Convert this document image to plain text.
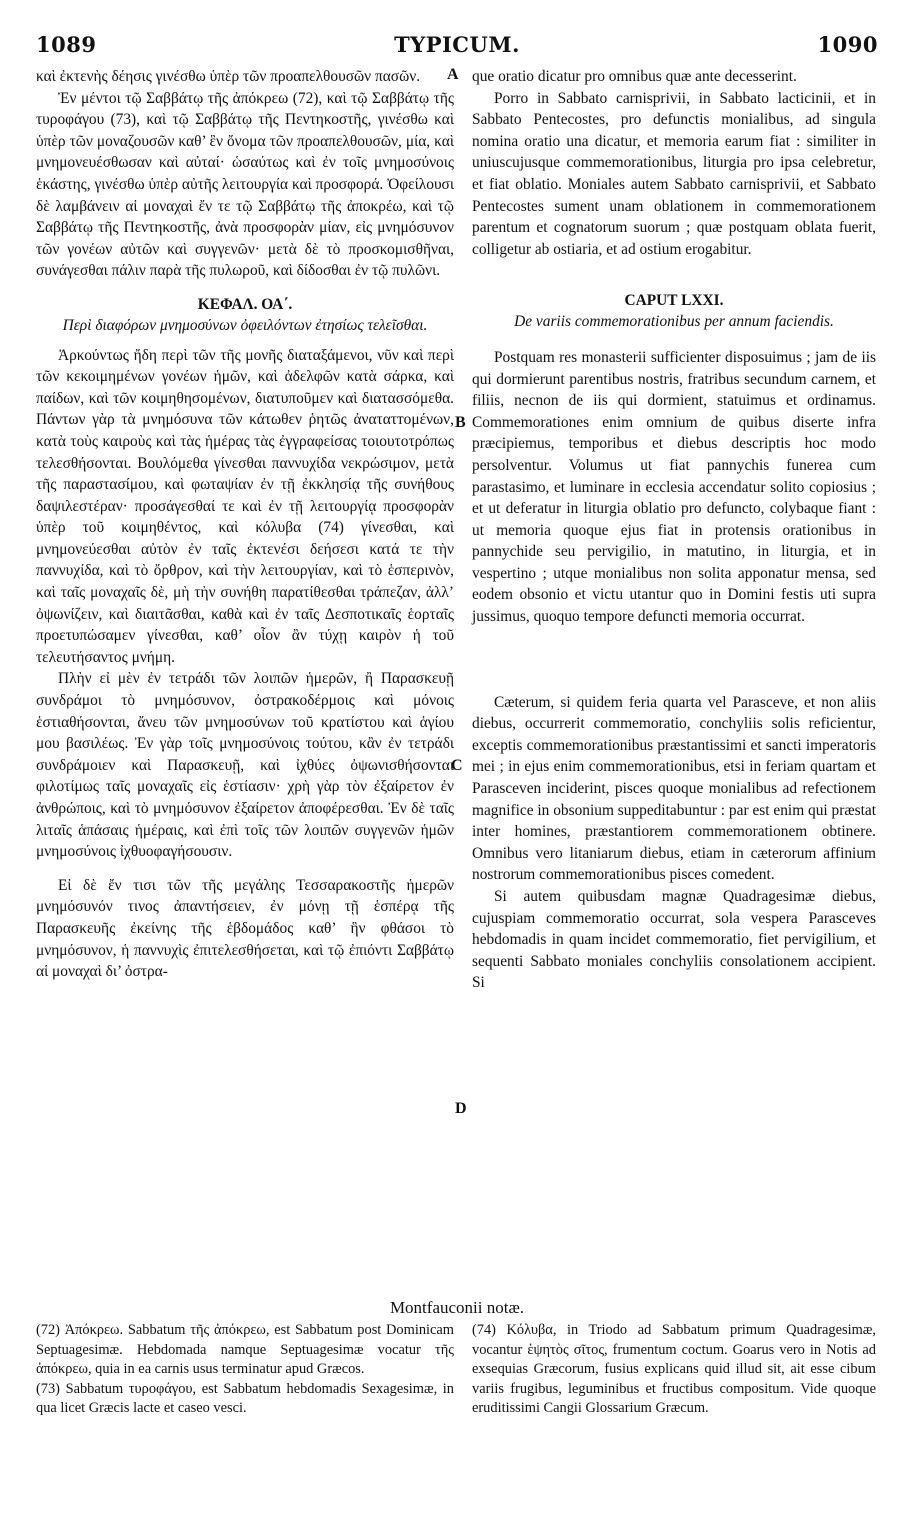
1089	TYPICUM.	1090

καὶ ἐκτενὴς δέησις γινέσθω ὑπὲρ τῶν προαπελθουσῶν πασῶν.

Ἐν μέντοι τῷ Σαββάτῳ τῆς ἀπόκρεω (72), καὶ τῷ Σαββάτῳ τῆς τυροφάγου (73), καὶ τῷ Σαββάτῳ τῆς Πεντηκοστῆς, γινέσθω καὶ ὑπὲρ τῶν μοναζουσῶν καθ’ ἓν ὄνομα τῶν προαπελθουσῶν, μία, καὶ μνημονευέσθωσαν καὶ αὐταί· ὡσαύτως καὶ ἐν τοῖς μνημοσύνοις ἑκάστης, γινέσθω ὑπὲρ αὐτῆς λειτουργία καὶ προσφορά. Ὀφείλουσι δὲ λαμβάνειν αἱ μοναχαὶ ἔν τε τῷ Σαββάτῳ τῆς ἀποκρέω, καὶ τῷ Σαββάτῳ τῆς Πεντηκοστῆς, ἀνὰ προσφορὰν μίαν, εἰς μνημόσυνον τῶν γονέων αὐτῶν καὶ συγγενῶν· μετὰ δὲ τὸ προσκομισθῆναι, συνάγεσθαι πάλιν παρὰ τῆς πυλωροῦ, καὶ δίδοσθαι ἐν τῷ πυλῶνι.

ΚΕΦΑΛ. ΟΑ΄.

Περὶ διαφόρων μνημοσύνων ὀφειλόντων ἐτησίως τελεῖσθαι.

Ἀρκούντως ἤδη περὶ τῶν τῆς μονῆς διαταξάμενοι, νῦν καὶ περὶ τῶν κεκοιμημένων γονέων ἡμῶν, καὶ ἀδελφῶν κατὰ σάρκα, καὶ παίδων, καὶ τῶν κοιμηθησομένων, διατυποῦμεν καὶ διατασσόμεθα. Πάντων γὰρ τὰ μνημόσυνα τῶν κάτωθεν ῥητῶς ἀνατατтομένων, κατὰ τοὺς καιροὺς καὶ τὰς ἡμέρας τὰς ἐγγραφείσας τοιουτοτρόπως τελεσθήσονται. Βουλόμεθα γίνεσθαι παννυχίδα νεκρώσιμον, μετὰ τῆς παραστασίμου, καὶ φωταψίαν ἐν τῇ ἐκκλησίᾳ τῆς συνήθους δαψιλεστέραν· προσάγεσθαί τε καὶ ἐν τῇ λειτουργίᾳ προσφορὰν ὑπὲρ τοῦ κοιμηθέντος, καὶ κόλυβα (74) γίνεσθαι, καὶ μνημονεύεσθαι αὐτὸν ἐν ταῖς ἐκτενέσι δεήσεσι κατά τε τὴν παννυχίδα, καὶ τὸ ὄρθρον, καὶ τὴν λειτουργίαν, καὶ τὸ ἑσπερινὸν, καὶ ταῖς μοναχαῖς δὲ, μὴ τὴν συνήθη παρατίθεσθαι τράπεζαν, ἀλλ’ ὀψωνίζειν, καὶ διαιτᾶσθαι, καθὰ καὶ ἐν ταῖς Δεσποτικαῖς ἑορταῖς προετυπώσαμεν γίνεσθαι, καθ’ οἷον ἂν τύχῃ καιρὸν ἡ τοῦ τελευτήσαντος μνήμη.

Πλὴν εἰ μὲν ἐν τετράδι τῶν λοιπῶν ἡμερῶν, ἢ Παρασκευῇ συνδράμοι τὸ μνημόσυνον, ὀστρακοδέρμοις καὶ μόνοις ἑστιαθήσονται, ἄνευ τῶν μνημοσύνων τοῦ κρατίστου καὶ ἁγίου μου βασιλέως. Ἐν γὰρ τοῖς μνημοσύνοις τούτου, κἂν ἐν τετράδι συνδράμοιεν καὶ Παρασκευῇ, καὶ ἰχθύες ὀψωνισθήσονται φιλοτίμως ταῖς μοναχαῖς εἰς ἑστίασιν· χρὴ γὰρ τὸν ἐξαίρετον ἐν ἀνθρώποις, καὶ τὸ μνημόσυνον ἐξαίρετον ἀποφέρεσθαι. Ἐν δὲ ταῖς λιταῖς ἁπάσαις ἡμέραις, καὶ ἐπὶ τοῖς τῶν λοιπῶν συγγενῶν ἡμῶν μνημοσύνοις ἰχθυοφαγήσουσιν.

Εἰ δὲ ἔν τισι τῶν τῆς μεγάλης Τεσσαρακοστῆς ἡμερῶν μνημόσυνόν τινος ἀπαντήσειεν, ἐν μόνῃ τῇ ἑσπέρᾳ τῆς Παρασκευῆς ἐκείνης τῆς ἑβδομάδος καθ’ ἣν φθάσοι τὸ μνημόσυνον, ἡ παννυχὶς ἐπιτελεσθήσεται, καὶ τῷ ἐπιόντι Σαββάτῳ αἱ μοναχαὶ δι’ ὀστρα-

que oratio dicatur pro omnibus quæ ante decesserint.

Porro in Sabbato carnisprivii, in Sabbato lacticinii, et in Sabbato Pentecostes, pro defunctis monialibus, ad singula nomina oratio una dicatur, et memoria earum fiat : similiter in uniuscujusque commemorationibus, liturgia pro ipsa celebretur, et fiat oblatio. Moniales autem Sabbato carnisprivii, et Sabbato Pentecostes sument unam oblationem in commemorationem parentum et cognatorum suorum ; quæ postquam oblata fuerit, colligetur ab ostiaria, et ad ostium erogabitur.

CAPUT LXXI.

De variis commemorationibus per annum faciendis.

Postquam res monasterii sufficienter disposuimus ; jam de iis qui dormierunt parentibus nostris, fratribus secundum carnem, et filiis, necnon de iis qui dormient, statuimus et ordinamus. Commemorationes enim omnium de quibus diserte infra præcipiemus, temporibus et diebus descriptis hoc modo persolventur. Volumus ut fiat pannychis funerea cum parastasimo, et luminare in ecclesia accendatur solito copiosius ; et ut deferatur in liturgia oblatio pro defuncto, colybaque fiant : ut memoria quoque ejus fiat in protensis orationibus in pannychide seu pervigilio, in matutino, in liturgia, et in vespertino ; utque monialibus non solita apponatur mensa, sed eodem obsonio et victu utantur quo in Domini festis uti supra jussimus, quoquo tempore defuncti memoria occurrat.

Cæterum, si quidem feria quarta vel Parasceve, et non aliis diebus, occurrerit commemoratio, conchyliis solis reficientur, exceptis commemorationibus præstantissimi et sancti imperatoris mei ; in ejus enim commemorationibus, etsi in feriam quartam et Parasceven inciderint, pisces quoque monialibus ad refectionem magnifice in obsonium suppeditabuntur : par est enim qui præstat inter homines, præstantiorem commemorationem obtinere. Omnibus vero litaniarum diebus, etiam in cæterorum affinium nostrorum commemorationibus pisces comedent.

Si autem quibusdam magnæ Quadragesimæ diebus, cujuspiam commemoratio occurrat, sola vespera Parasceves hebdomadis in quam incidet commemoratio, fiet pervigilium, et sequenti Sabbato moniales conchyliis consolationem accipient. Si

A
B
C
D
Montfauconii notæ.

(72) Ἀπόκρεω. Sabbatum τῆς ἀπόκρεω, est Sabbatum post Dominicam Septuagesimæ. Hebdomada namque Septuagesimæ vocatur τῆς ἀπόκρεω, quia in ea carnis usus terminatur apud Græcos.

(73) Sabbatum τυροφάγου, est Sabbatum hebdomadis Sexagesimæ, in qua licet Græcis lacte et caseo vesci.

(74) Κόλυβα, in Triodo ad Sabbatum primum Quadragesimæ, vocantur ἑψητὸς σῖτος, frumentum coctum. Goarus vero in Notis ad exsequias Græcorum, fusius explicans quid illud sit, ait esse cibum variis frugibus, leguminibus et fructibus compositum. Vide quoque eruditissimi Cangii Glossarium Græcum.
